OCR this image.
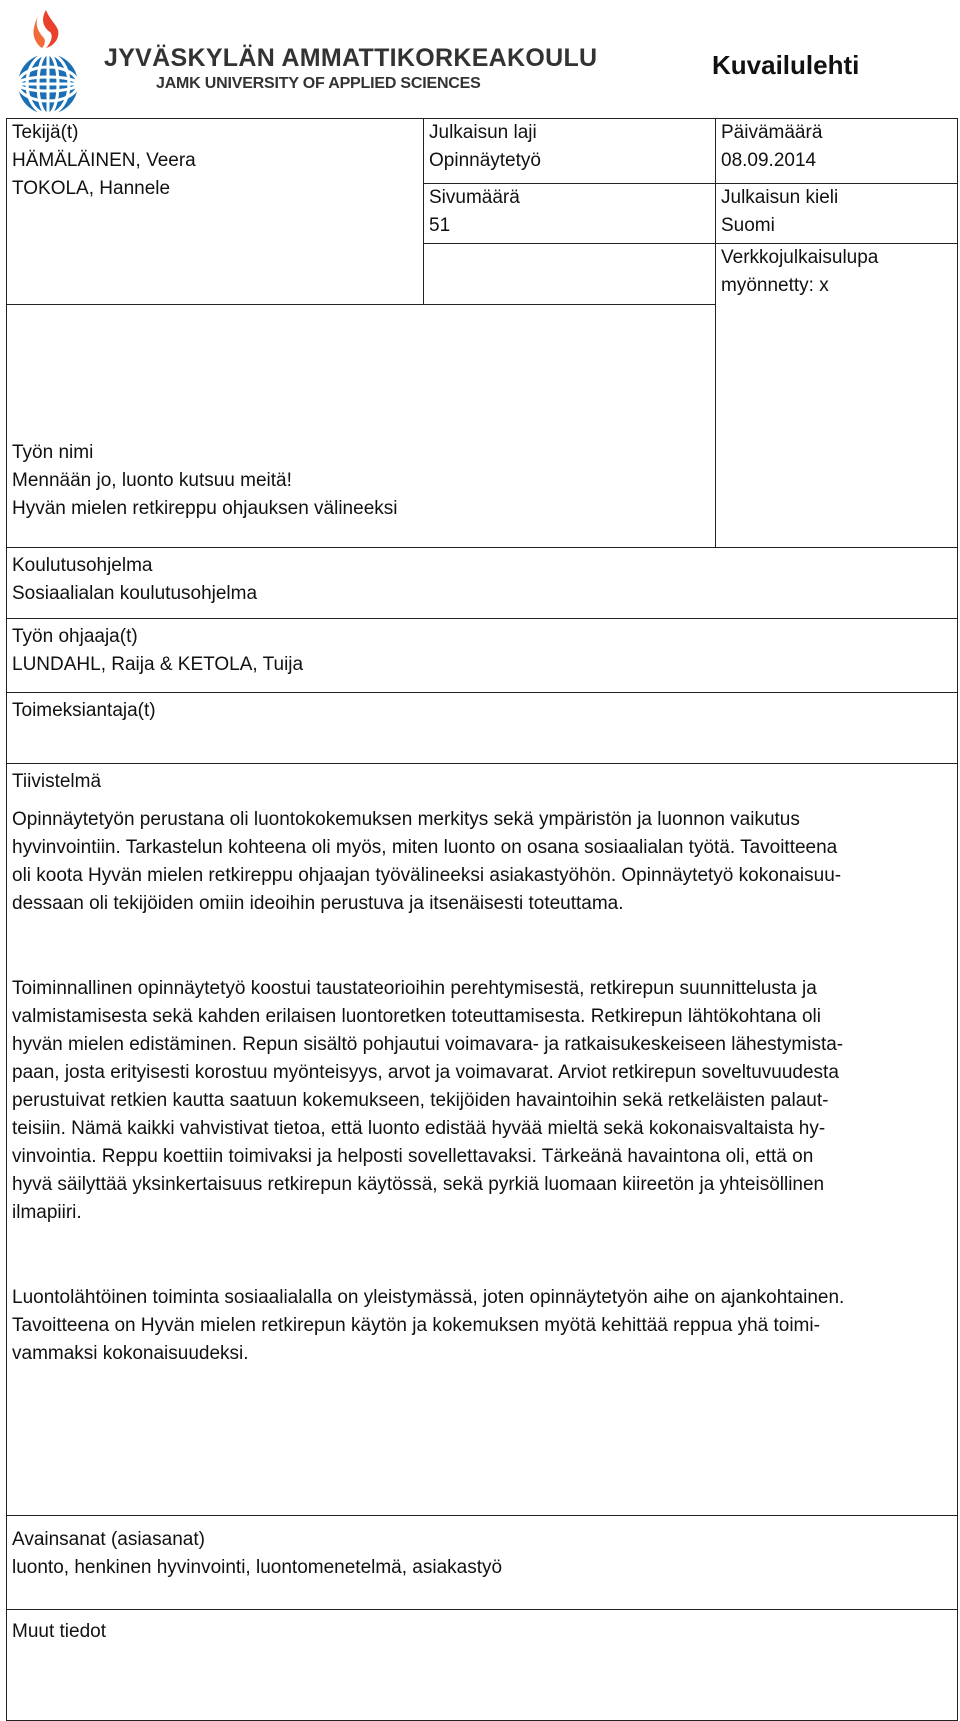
JYVÄSKYLÄN AMMATTIKORKEAKOULU
JAMK UNIVERSITY OF APPLIED SCIENCES
Kuvailulehti
Tekijä(t)
HÄMÄLÄINEN, Veera
TOKOLA, Hannele
Julkaisun laji
Opinnäytetyö
Sivumäärä
51
Päivämäärä
08.09.2014
Julkaisun kieli
Suomi
Verkkojulkaisulupa
myönnetty: x
Työn nimi
Mennään jo, luonto kutsuu meitä!
Hyvän mielen retkireppu ohjauksen välineeksi
Koulutusohjelma
Sosiaalialan koulutusohjelma
Työn ohjaaja(t)
LUNDAHL, Raija & KETOLA, Tuija
Toimeksiantaja(t)
Tiivistelmä
Opinnäytetyön perustana oli luontokokemuksen merkitys sekä ympäristön ja luonnon vaikutus
hyvinvointiin. Tarkastelun kohteena oli myös, miten luonto on osana sosiaalialan työtä. Tavoitteena
oli koota Hyvän mielen retkireppu ohjaajan työvälineeksi asiakastyöhön. Opinnäytetyö kokonaisuu-
dessaan oli tekijöiden omiin ideoihin perustuva ja itsenäisesti toteuttama.
Toiminnallinen opinnäytetyö koostui taustateorioihin perehtymisestä, retkirepun suunnittelusta ja
valmistamisesta sekä kahden erilaisen luontoretken toteuttamisesta. Retkirepun lähtökohtana oli
hyvän mielen edistäminen. Repun sisältö pohjautui voimavara- ja ratkaisukeskeiseen lähestymista-
paan, josta erityisesti korostuu myönteisyys, arvot ja voimavarat. Arviot retkirepun soveltuvuudesta
perustuivat retkien kautta saatuun kokemukseen, tekijöiden havaintoihin sekä retkeläisten palaut-
teisiin. Nämä kaikki vahvistivat tietoa, että luonto edistää hyvää mieltä sekä kokonaisvaltaista hy-
vinvointia. Reppu koettiin toimivaksi ja helposti sovellettavaksi. Tärkeänä havaintona oli, että on
hyvä säilyttää yksinkertaisuus retkirepun käytössä, sekä pyrkiä luomaan kiireetön ja yhteisöllinen
ilmapiiri.
Luontolähtöinen toiminta sosiaalialalla on yleistymässä, joten opinnäytetyön aihe on ajankohtainen.
Tavoitteena on Hyvän mielen retkirepun käytön ja kokemuksen myötä kehittää reppua yhä toimi-
vammaksi kokonaisuudeksi.
Avainsanat (asiasanat)
luonto, henkinen hyvinvointi, luontomenetelmä, asiakastyö
Muut tiedot
